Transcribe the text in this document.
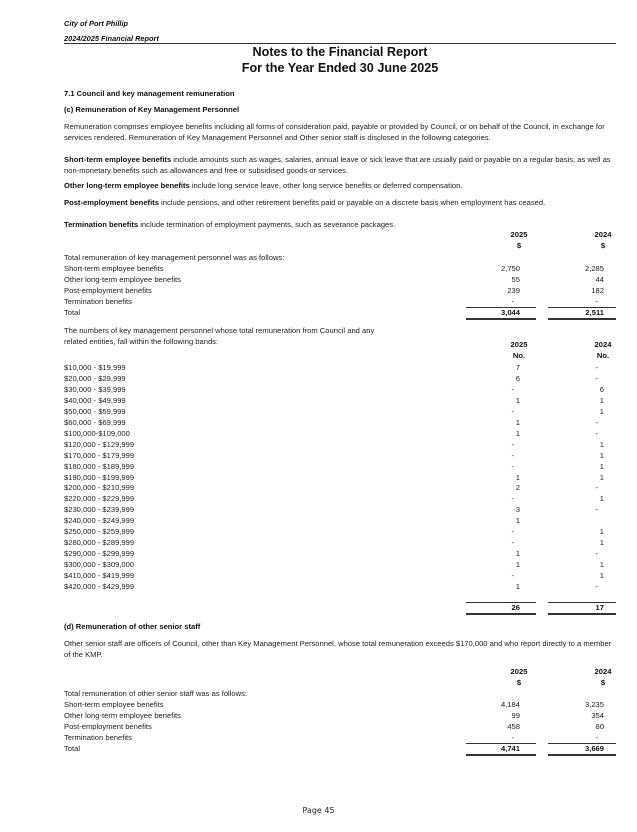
City of Port Phillip
2024/2025 Financial Report
Notes to the Financial Report
For the Year Ended 30 June 2025
7.1 Council and key management remuneration
(c) Remuneration of Key Management Personnel
Remuneration comprises employee benefits including all forms of consideration paid, payable or provided by Council, or on behalf of the Council, in exchange for services rendered. Remuneration of Key Management Personnel and Other senior staff is disclosed in the following categories.
Short-term employee benefits include amounts such as wages, salaries, annual leave or sick leave that are usually paid or payable on a regular basis, as well as non-monetary benefits such as allowances and free or subsidised goods or services.
Other long-term employee benefits include long service leave, other long service benefits or deferred compensation.
Post-employment benefits include pensions, and other retirement benefits paid or payable on a discrete basis when employment has ceased.
Termination benefits include termination of employment payments, such as severance packages.
2025	2024
$	$
Total remuneration of key management personnel was as follows:
Short-term employee benefits	2,750	2,285
Other long-term employee benefits	55	44
Post-employment benefits	239	182
Termination benefits	-	-
Total	3,044	2,511
The numbers of key management personnel whose total remuneration from Council and any
related entities, fall within the following bands:	2025	2024
No.	No.
$10,000 - $19,999	7	-
$20,000 - $29,999	6	-
$30,000 - $39,999	-	6
$40,000 - $49,999	1	1
$50,000 - $59,999	-	1
$60,000 - $69,999	1	-
$100,000-$109,000	1	-
$120,000 - $129,999	-	1
$170,000 - $179,999	-	1
$180,000 - $189,999	-	1
$190,000 - $199,999	1	1
$200,000 - $210,999	2	-
$220,000 - $229,999	-	1
$230,000 - $239,999	3	-
$240,000 - $249,999	1
$250,000 - $259,999	-	1
$280,000 - $289,999	-	1
$290,000 - $299,999	1	-
$300,000 - $309,000	1	1
$410,000 - $419,999	-	1
$420,000 - $429,999	1	-
26	17
(d) Remuneration of other senior staff
Other senior staff are officers of Council, other than Key Management Personnel, whose total remuneration exceeds $170,000 and who report directly to a member of the KMP.
2025	2024
$	$
Total remuneration of other senior staff was as follows:
Short-term employee benefits	4,184	3,235
Other long-term employee benefits	99	354
Post-employment benefits	458	80
Termination benefits	-	-
Total	4,741	3,669
Page 45
